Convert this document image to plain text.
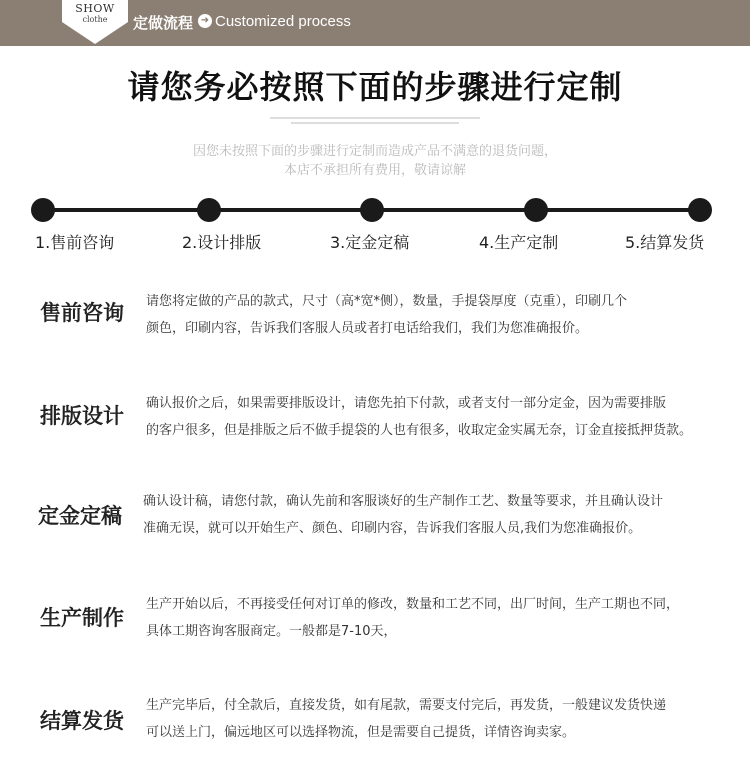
SHOW
clothe	定做流程 ➜ Customized process
请您务必按照下面的步骤进行定制
因您未按照下面的步骤进行定制而造成产品不满意的退货问题，
本店不承担所有费用，敬请谅解
1.售前咨询	2.设计排版	3.定金定稿	4.生产定制	5.结算发货
售前咨询 请您将定做的产品的款式，尺寸（高*宽*侧），数量，手提袋厚度（克重），印刷几个
颜色，印刷内容，告诉我们客服人员或者打电话给我们，我们为您准确报价。
排版设计
确认报价之后，如果需要排版设计，请您先拍下付款，或者支付一部分定金，因为需要排版
的客户很多，但是排版之后不做手提袋的人也有很多，收取定金实属无奈，订金直接抵押货款。
定金定稿
确认设计稿，请您付款，确认先前和客服谈好的生产制作工艺、数量等要求，并且确认设计
准确无误，就可以开始生产、颜色、印刷内容，告诉我们客服人员,我们为您准确报价。
生产制作
生产开始以后，不再接受任何对订单的修改，数量和工艺不同，出厂时间，生产工期也不同，
具体工期咨询客服商定。一般都是7-10天，
结算发货
生产完毕后，付全款后，直接发货，如有尾款，需要支付完后，再发货，一般建议发货快递
可以送上门，偏远地区可以选择物流，但是需要自己提货，详情咨询卖家。
